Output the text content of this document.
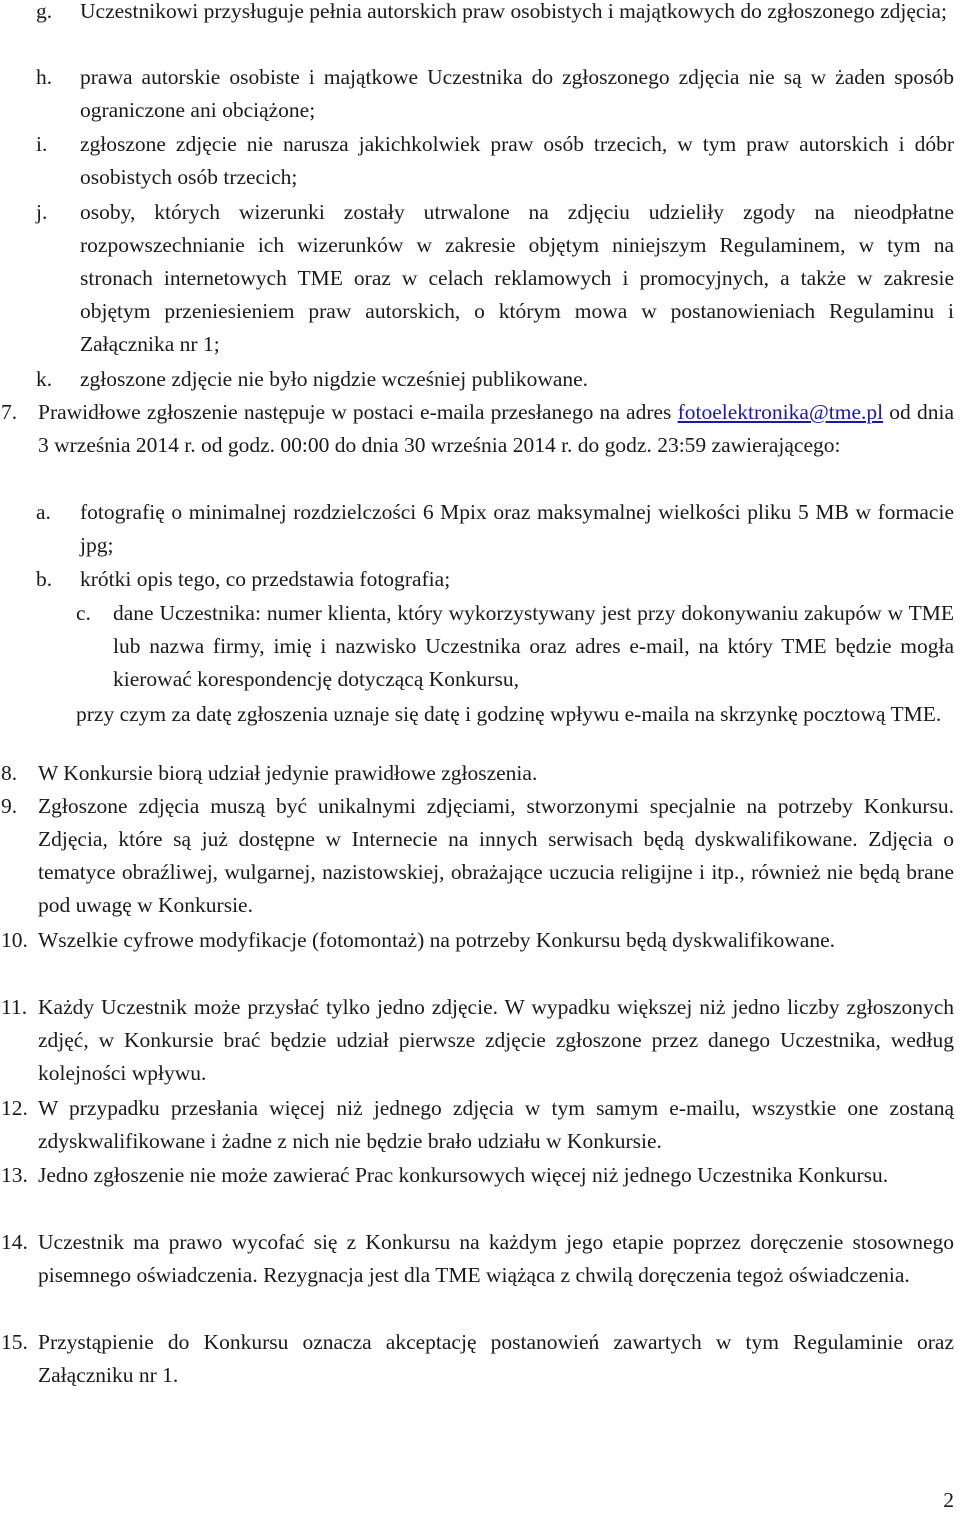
g. Uczestnikowi przysługuje pełnia autorskich praw osobistych i majątkowych do zgłoszonego zdjęcia;
h. prawa autorskie osobiste i majątkowe Uczestnika do zgłoszonego zdjęcia nie są w żaden sposób ograniczone ani obciążone;
i. zgłoszone zdjęcie nie narusza jakichkolwiek praw osób trzecich, w tym praw autorskich i dóbr osobistych osób trzecich;
j. osoby, których wizerunki zostały utrwalone na zdjęciu udzieliły zgody na nieodpłatne rozpowszechnianie ich wizerunków w zakresie objętym niniejszym Regulaminem, w tym na stronach internetowych TME oraz w celach reklamowych i promocyjnych, a także w zakresie objętym przeniesieniem praw autorskich, o którym mowa w postanowieniach Regulaminu i Załącznika nr 1;
k. zgłoszone zdjęcie nie było nigdzie wcześniej publikowane.
7. Prawidłowe zgłoszenie następuje w postaci e-maila przesłanego na adres fotoelektronika@tme.pl od dnia 3 września 2014 r. od godz. 00:00 do dnia 30 września 2014 r. do godz. 23:59 zawierającego:
a. fotografię o minimalnej rozdzielczości 6 Mpix oraz maksymalnej wielkości pliku 5 MB w formacie jpg;
b. krótki opis tego, co przedstawia fotografia;
c. dane Uczestnika: numer klienta, który wykorzystywany jest przy dokonywaniu zakupów w TME lub nazwa firmy, imię i nazwisko Uczestnika oraz adres e-mail, na który TME będzie mogła kierować korespondencję dotyczącą Konkursu,
przy czym za datę zgłoszenia uznaje się datę i godzinę wpływu e-maila na skrzynkę pocztową TME.
8. W Konkursie biorą udział jedynie prawidłowe zgłoszenia.
9. Zgłoszone zdjęcia muszą być unikalnymi zdjęciami, stworzonymi specjalnie na potrzeby Konkursu. Zdjęcia, które są już dostępne w Internecie na innych serwisach będą dyskwalifikowane. Zdjęcia o tematyce obraźliwej, wulgarnej, nazistowskiej, obrażające uczucia religijne i itp., również nie będą brane pod uwagę w Konkursie.
10. Wszelkie cyfrowe modyfikacje (fotomontaż) na potrzeby Konkursu będą dyskwalifikowane.
11. Każdy Uczestnik może przysłać tylko jedno zdjęcie. W wypadku większej niż jedno liczby zgłoszonych zdjęć, w Konkursie brać będzie udział pierwsze zdjęcie zgłoszone przez danego Uczestnika, według kolejności wpływu.
12. W przypadku przesłania więcej niż jednego zdjęcia w tym samym e-mailu, wszystkie one zostaną zdyskwalifikowane i żadne z nich nie będzie brało udziału w Konkursie.
13. Jedno zgłoszenie nie może zawierać Prac konkursowych więcej niż jednego Uczestnika Konkursu.
14. Uczestnik ma prawo wycofać się z Konkursu na każdym jego etapie poprzez doręczenie stosownego pisemnego oświadczenia. Rezygnacja jest dla TME wiążąca z chwilą doręczenia tegoż oświadczenia.
15. Przystąpienie do Konkursu oznacza akceptację postanowień zawartych w tym Regulaminie oraz Załączniku nr 1.
2
